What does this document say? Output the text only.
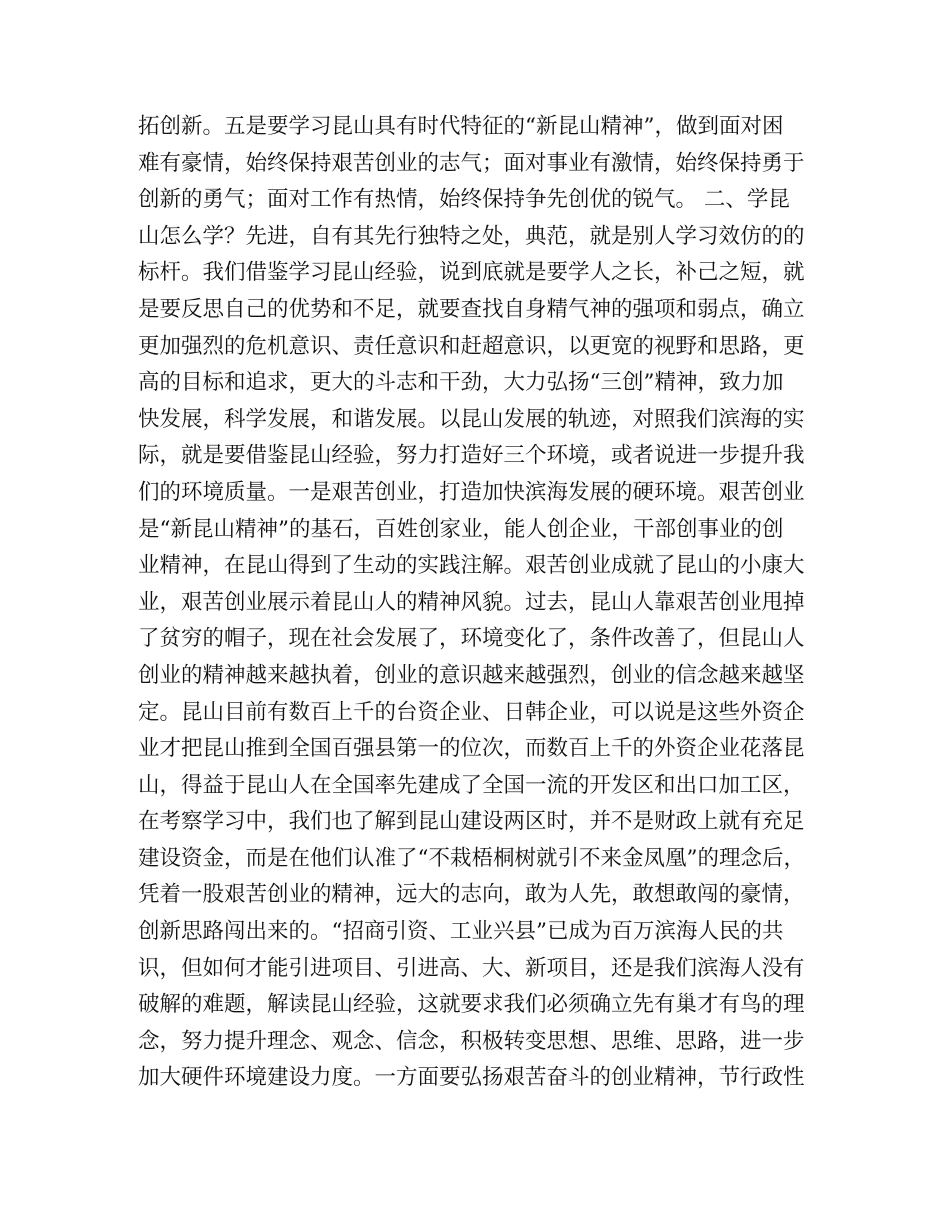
拓创新。五是要学习昆山具有时代特征的“新昆山精神”，做到面对困
难有豪情，始终保持艰苦创业的志气；面对事业有激情，始终保持勇于
创新的勇气；面对工作有热情，始终保持争先创优的锐气。 二、学昆
山怎么学？先进，自有其先行独特之处，典范，就是别人学习效仿的的
标杆。我们借鉴学习昆山经验，说到底就是要学人之长，补己之短，就
是要反思自己的优势和不足，就要查找自身精气神的强项和弱点，确立
更加强烈的危机意识、责任意识和赶超意识，以更宽的视野和思路，更
高的目标和追求，更大的斗志和干劲，大力弘扬“三创”精神，致力加
快发展，科学发展，和谐发展。以昆山发展的轨迹，对照我们滨海的实
际，就是要借鉴昆山经验，努力打造好三个环境，或者说进一步提升我
们的环境质量。一是艰苦创业，打造加快滨海发展的硬环境。艰苦创业
是“新昆山精神”的基石，百姓创家业，能人创企业，干部创事业的创
业精神，在昆山得到了生动的实践注解。艰苦创业成就了昆山的小康大
业，艰苦创业展示着昆山人的精神风貌。过去，昆山人靠艰苦创业甩掉
了贫穷的帽子，现在社会发展了，环境变化了，条件改善了，但昆山人
创业的精神越来越执着，创业的意识越来越强烈，创业的信念越来越坚
定。昆山目前有数百上千的台资企业、日韩企业，可以说是这些外资企
业才把昆山推到全国百强县第一的位次，而数百上千的外资企业花落昆
山，得益于昆山人在全国率先建成了全国一流的开发区和出口加工区，
在考察学习中，我们也了解到昆山建设两区时，并不是财政上就有充足
建设资金，而是在他们认准了“不栽梧桐树就引不来金凤凰”的理念后，
凭着一股艰苦创业的精神，远大的志向，敢为人先，敢想敢闯的豪情，
创新思路闯出来的。“招商引资、工业兴县”已成为百万滨海人民的共
识，但如何才能引进项目、引进高、大、新项目，还是我们滨海人没有
破解的难题，解读昆山经验，这就要求我们必须确立先有巢才有鸟的理
念，努力提升理念、观念、信念，积极转变思想、思维、思路，进一步
加大硬件环境建设力度。一方面要弘扬艰苦奋斗的创业精神，节行政性
